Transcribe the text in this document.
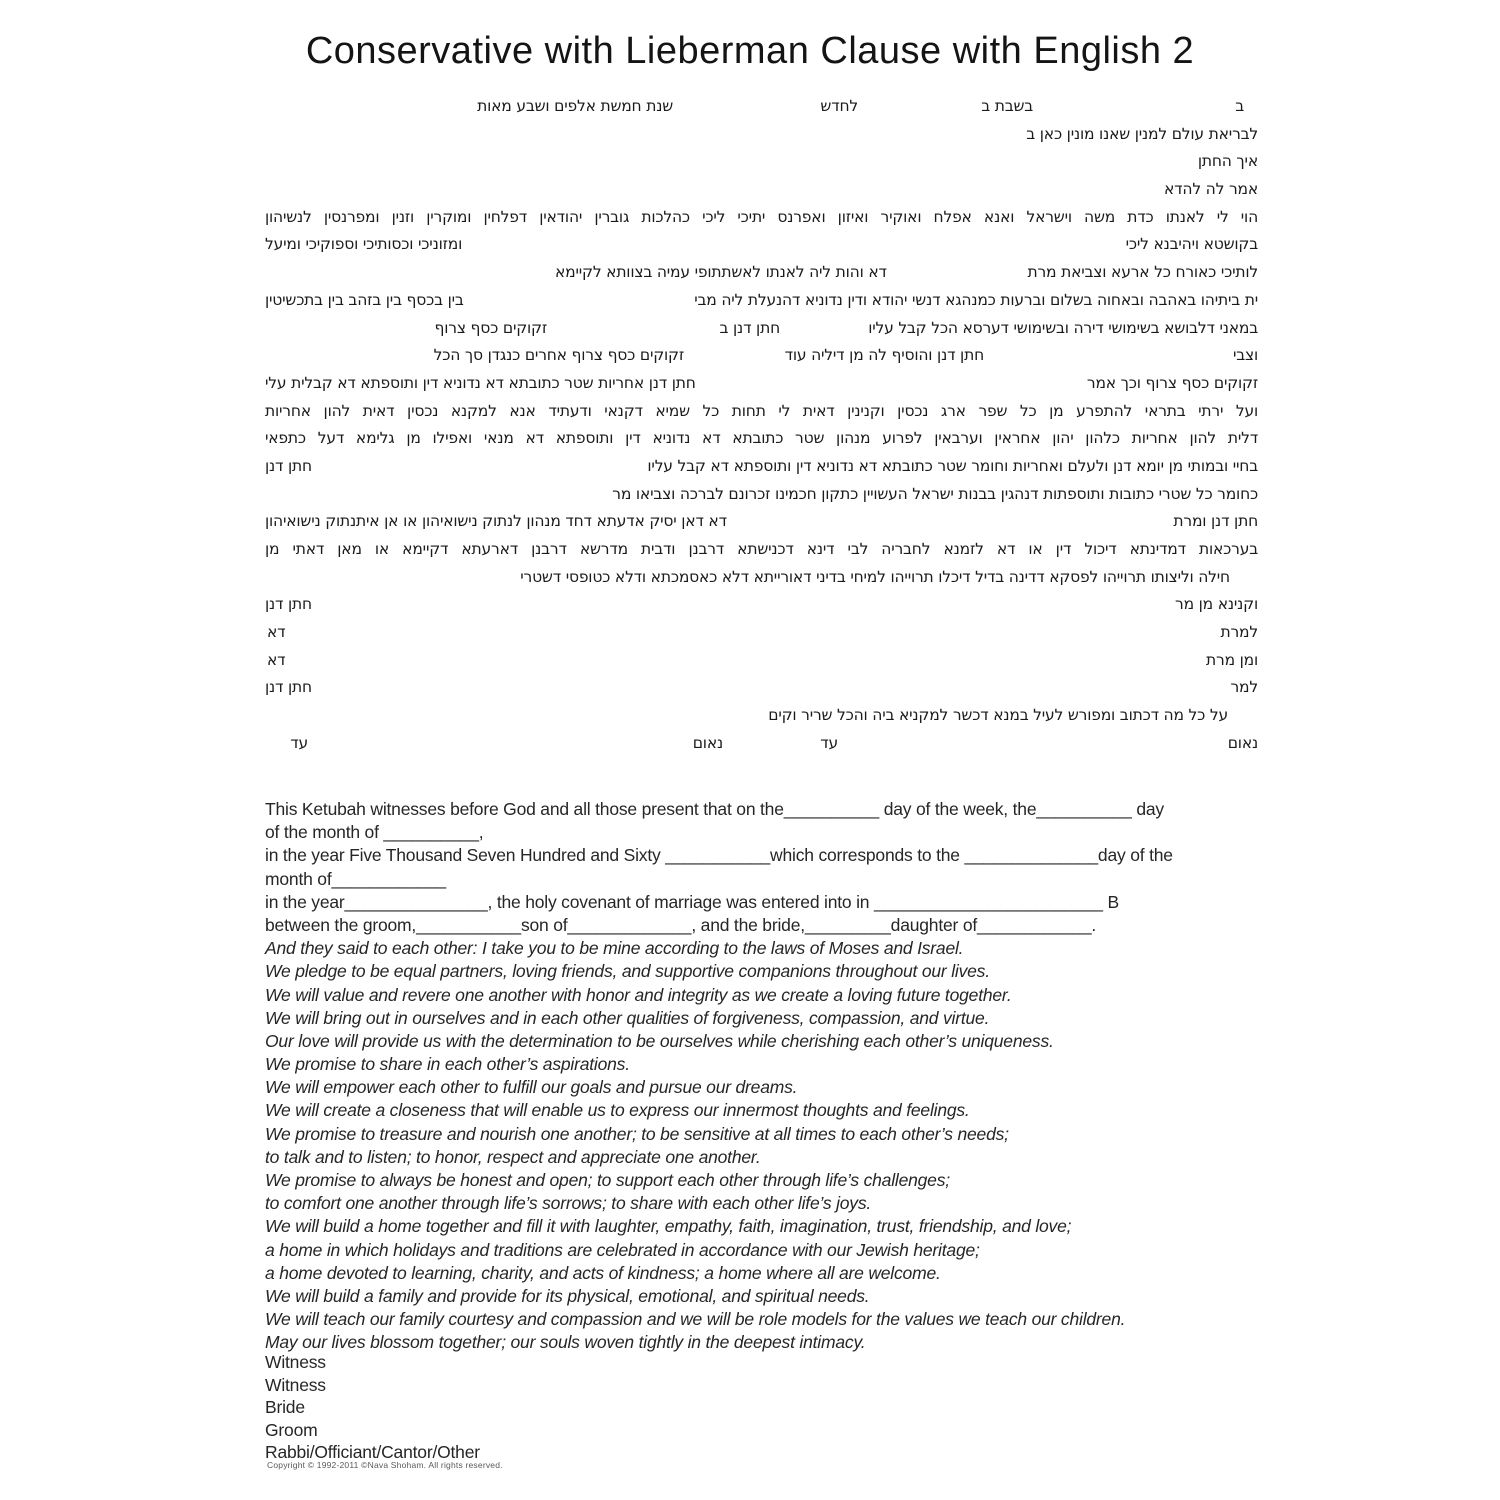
Conservative with Lieberman Clause with English 2
ב
בשבת ב
לחדש
שנת חמשת אלפים ושבע מאות
לבריאת עולם למנין שאנו מונין כאן ב
איך החתן
אמר לה להדא
הוי לי לאנתו כדת משה וישראל ואנא אפלח ואוקיר ואיזון ואפרנס יתיכי ליכי כהלכות גוברין יהודאין דפלחין ומוקרין וזנין ומפרנסין לנשיהון
בקושטא ויהיבנא ליכי
ומזוניכי וכסותיכי וספוקיכי ומיעל
לותיכי כאורח כל ארעא וצביאת מרת
דא והות ליה לאנתו לאשתתופי עמיה בצוותא לקיימא
ית ביתיהו באהבה ובאחוה בשלום וברעות כמנהגא דנשי יהודא ודין נדוניא דהנעלת ליה מבי
בין בכסף בין בזהב בין בתכשיטין
במאני דלבושא בשימושי דירה ובשימושי דערסא הכל קבל עליו
חתן דנן ב
זקוקים כסף צרוף
וצבי
חתן דנן והוסיף לה מן דיליה עוד
זקוקים כסף צרוף אחרים כנגדן סך הכל
זקוקים כסף צרוף וכך אמר
חתן דנן אחריות שטר כתובתא דא נדוניא דין ותוספתא דא קבלית עלי
ועל ירתי בתראי להתפרע מן כל שפר ארג נכסין וקנינין דאית לי תחות כל שמיא דקנאי ודעתיד אנא למקנא נכסין דאית להון אחריות
דלית להון אחריות כלהון יהון אחראין וערבאין לפרוע מנהון שטר כתובתא דא נדוניא דין ותוספתא דא מנאי ואפילו מן גלימא דעל כתפאי
בחיי ובמותי מן יומא דנן ולעלם ואחריות וחומר שטר כתובתא דא נדוניא דין ותוספתא דא קבל עליו
חתן דנן
כחומר כל שטרי כתובות ותוספתות דנהגין בבנות ישראל העשויין כתקון חכמינו זכרונם לברכה וצביאו מר
חתן דנן ומרת
דא דאן יסיק אדעתא דחד מנהון לנתוק נישואיהון או אן איתנתוק נישואיהון
בערכאות דמדינתא דיכול דין או דא לזמנא לחבריה לבי דינא דכנישתא דרבנן ודבית מדרשא דרבנן דארעתא דקיימא או מאן דאתי מן
חילה וליצותו תרוייהו לפסקא דדינה בדיל דיכלו תרוייהו למיחי בדיני דאורייתא דלא כאסמכתא ודלא כטופסי דשטרי
וקנינא מן מר
חתן דנן
למרת
דא
ומן מרת
דא
למר
חתן דנן
על כל מה דכתוב ומפורש לעיל במנא דכשר למקניא ביה והכל שריר וקים
נאום
עד
נאום
עד
This Ketubah witnesses before God and all those present that on the__________ day of the week, the__________ day
of the month of __________,
in the year Five Thousand Seven Hundred and Sixty ___________which corresponds to the ______________day of the
month of____________
in the year_______________, the holy covenant of marriage was entered into in ________________________ B
between the groom,___________son of_____________, and the bride,_________daughter of____________.
And they said to each other: I take you to be mine according to the laws of Moses and Israel.
We pledge to be equal partners, loving friends, and supportive companions throughout our lives.
We will value and revere one another with honor and integrity as we create a loving future together.
We will bring out in ourselves and in each other qualities of forgiveness, compassion, and virtue.
Our love will provide us with the determination to be ourselves while cherishing each other’s uniqueness.
We promise to share in each other’s aspirations.
We will empower each other to fulfill our goals and pursue our dreams.
We will create a closeness that will enable us to express our innermost thoughts and feelings.
We promise to treasure and nourish one another; to be sensitive at all times to each other’s needs;
to talk and to listen; to honor, respect and appreciate one another.
We promise to always be honest and open; to support each other through life’s challenges;
to comfort one another through life’s sorrows; to share with each other life’s joys.
We will build a home together and fill it with laughter, empathy, faith, imagination, trust, friendship, and love;
a home in which holidays and traditions are celebrated in accordance with our Jewish heritage;
a home devoted to learning, charity, and acts of kindness; a home where all are welcome.
We will build a family and provide for its physical, emotional, and spiritual needs.
We will teach our family courtesy and compassion and we will be role models for the values we teach our children.
May our lives blossom together; our souls woven tightly in the deepest intimacy.
Witness
Witness
Bride
Groom
Rabbi/Officiant/Cantor/Other
Copyright © 1992-2011 ©Nava Shoham. All rights reserved.
